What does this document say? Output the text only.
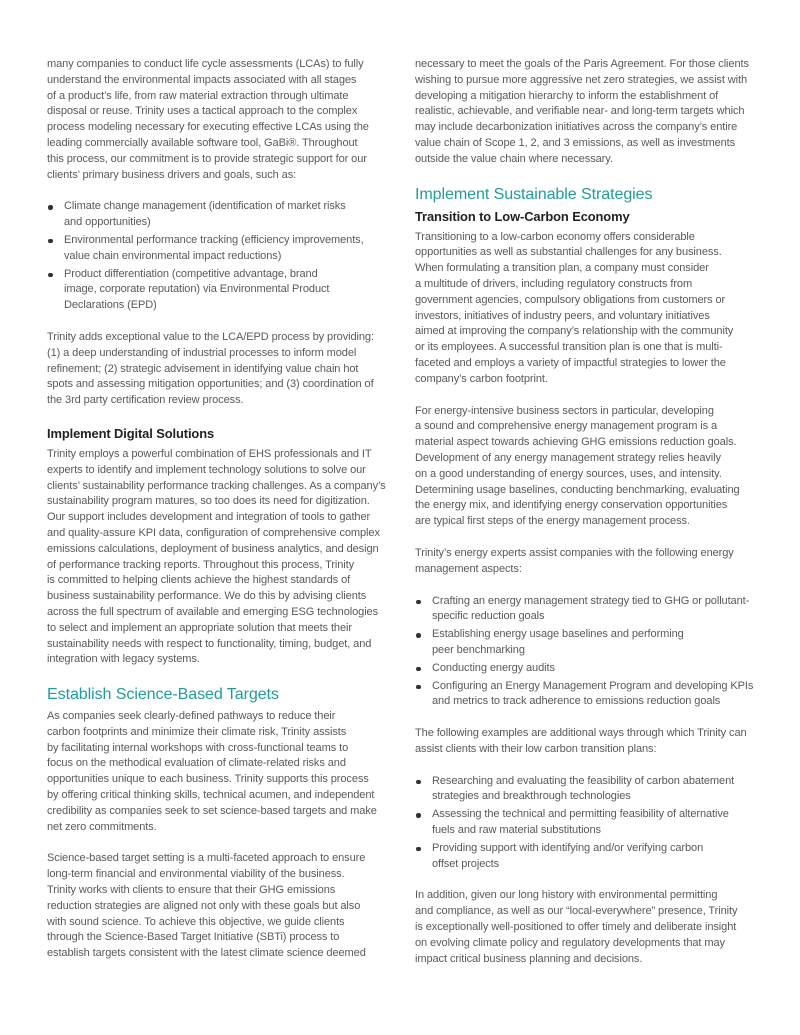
many companies to conduct life cycle assessments (LCAs) to fully
understand the environmental impacts associated with all stages
of a product’s life, from raw material extraction through ultimate
disposal or reuse. Trinity uses a tactical approach to the complex
process modeling necessary for executing effective LCAs using the
leading commercially available software tool, GaBi®. Throughout
this process, our commitment is to provide strategic support for our
clients’ primary business drivers and goals, such as:

Climate change management (identification of market risks
and opportunities)
Environmental performance tracking (efficiency improvements,
value chain environmental impact reductions)
Product differentiation (competitive advantage, brand
image, corporate reputation) via Environmental Product
Declarations (EPD)

Trinity adds exceptional value to the LCA/EPD process by providing:
(1) a deep understanding of industrial processes to inform model
refinement; (2) strategic advisement in identifying value chain hot
spots and assessing mitigation opportunities; and (3) coordination of
the 3rd party certification review process.

Implement Digital Solutions

Trinity employs a powerful combination of EHS professionals and IT
experts to identify and implement technology solutions to solve our
clients’ sustainability performance tracking challenges. As a company’s
sustainability program matures, so too does its need for digitization.
Our support includes development and integration of tools to gather
and quality-assure KPI data, configuration of comprehensive complex
emissions calculations, deployment of business analytics, and design
of performance tracking reports. Throughout this process, Trinity
is committed to helping clients achieve the highest standards of
business sustainability performance. We do this by advising clients
across the full spectrum of available and emerging ESG technologies
to select and implement an appropriate solution that meets their
sustainability needs with respect to functionality, timing, budget, and
integration with legacy systems.

Establish Science-Based Targets

As companies seek clearly-defined pathways to reduce their
carbon footprints and minimize their climate risk, Trinity assists
by facilitating internal workshops with cross-functional teams to
focus on the methodical evaluation of climate-related risks and
opportunities unique to each business. Trinity supports this process
by offering critical thinking skills, technical acumen, and independent
credibility as companies seek to set science-based targets and make
net zero commitments.

Science-based target setting is a multi-faceted approach to ensure
long-term financial and environmental viability of the business.
Trinity works with clients to ensure that their GHG emissions
reduction strategies are aligned not only with these goals but also
with sound science. To achieve this objective, we guide clients
through the Science-Based Target Initiative (SBTi) process to
establish targets consistent with the latest climate science deemed

necessary to meet the goals of the Paris Agreement. For those clients
wishing to pursue more aggressive net zero strategies, we assist with
developing a mitigation hierarchy to inform the establishment of
realistic, achievable, and verifiable near- and long-term targets which
may include decarbonization initiatives across the company’s entire
value chain of Scope 1, 2, and 3 emissions, as well as investments
outside the value chain where necessary.

Implement Sustainable Strategies
Transition to Low-Carbon Economy

Transitioning to a low-carbon economy offers considerable
opportunities as well as substantial challenges for any business.
When formulating a transition plan, a company must consider
a multitude of drivers, including regulatory constructs from
government agencies, compulsory obligations from customers or
investors, initiatives of industry peers, and voluntary initiatives
aimed at improving the company’s relationship with the community
or its employees. A successful transition plan is one that is multi-
faceted and employs a variety of impactful strategies to lower the
company’s carbon footprint.

For energy-intensive business sectors in particular, developing
a sound and comprehensive energy management program is a
material aspect towards achieving GHG emissions reduction goals.
Development of any energy management strategy relies heavily
on a good understanding of energy sources, uses, and intensity.
Determining usage baselines, conducting benchmarking, evaluating
the energy mix, and identifying energy conservation opportunities
are typical first steps of the energy management process.

Trinity’s energy experts assist companies with the following energy
management aspects:

Crafting an energy management strategy tied to GHG or pollutant-
specific reduction goals
Establishing energy usage baselines and performing
peer benchmarking
Conducting energy audits
Configuring an Energy Management Program and developing KPIs
and metrics to track adherence to emissions reduction goals

The following examples are additional ways through which Trinity can
assist clients with their low carbon transition plans:

Researching and evaluating the feasibility of carbon abatement
strategies and breakthrough technologies
Assessing the technical and permitting feasibility of alternative
fuels and raw material substitutions
Providing support with identifying and/or verifying carbon
offset projects

In addition, given our long history with environmental permitting
and compliance, as well as our “local-everywhere” presence, Trinity
is exceptionally well-positioned to offer timely and deliberate insight
on evolving climate policy and regulatory developments that may
impact critical business planning and decisions.
